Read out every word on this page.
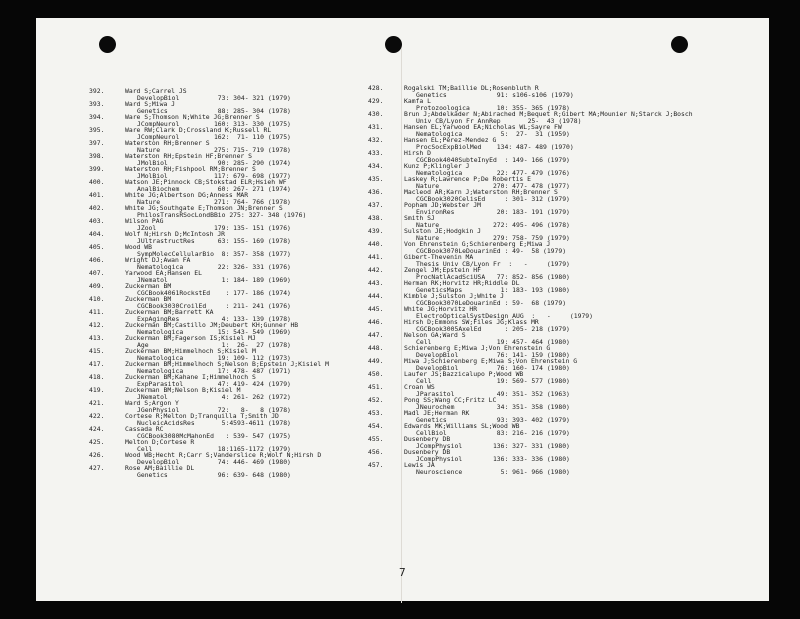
392.	Ward S;Carrel JS
DevelopBiol          73: 304- 321 (1979)
393.	Ward S;Miwa J
Genetics             88: 285- 304 (1978)
394.	Ware S;Thomson N;White JG;Brenner S
JCompNeurol         160: 313- 330 (1975)
395.	Ware RW;Clark D;Crossland K;Russell RL
JCompNeurol         162:  71- 110 (1975)
397.	Waterston RH;Brenner S
Nature              275: 715- 719 (1978)
398.	Waterston RH;Epstein HF;Brenner S
JMolBiol             90: 285- 290 (1974)
399.	Waterston RH;Fishpool RM;Brenner S
JMolBiol            117: 679- 698 (1977)
400.	Watson JE;Pinnock CB;Stokstad ELR;Hsieh WF
AnalBiochem          60: 267- 271 (1974)
401.	White JG;Albertson DG;Anness MAR
Nature              271: 764- 766 (1978)
402.	White JG;Southgate E;Thomson JN;Brenner S
PhilosTransRSocLondBBio 275: 327- 348 (1976)
403.	Wilson PAG
JZool               179: 135- 151 (1976)
404.	Wolf N;Hirsh D;McIntosh JR
JUltrastructRes      63: 155- 169 (1978)
405.	Wood WB
SympMolecCellularBio  8: 357- 358 (1977)
406.	Wright DJ;Awan FA
Nematologica         22: 326- 331 (1976)
407.	Yarwood EA;Hansen EL
JNematol              1: 184- 189 (1969)
409.	Zuckerman BM
CGCBook4061RockstEd    : 177- 186 (1974)
410.	Zuckerman BM
CGCBook3030CroilEd     : 211- 241 (1976)
411.	Zuckerman BM;Barrett KA
ExpAgingRes           4: 133- 139 (1978)
412.	Zuckerman BM;Castillo JM;Deubert KH;Gunner HB
Nematologica         15: 543- 549 (1969)
413.	Zuckerman BM;Fagerson IS;Kisiel MJ
Age                   1:  26-  27 (1978)
415.	Zuckerman BM;Himmelhoch S;Kisiel M
Nematologica         19: 109- 112 (1973)
417.	Zuckerman BM;Himmelhoch S;Nelson B;Epstein J;Kisiel M
Nematologica         17: 478- 487 (1971)
418.	Zuckerman BM;Kahane I;Himmelhoch S
ExpParasitol         47: 419- 424 (1979)
419.	Zuckerman BM;Nelson B;Kisiel M
JNematol              4: 261- 262 (1972)
421.	Ward S;Argon Y
JGenPhysiol          72:   8-   8 (1978)
422.	Cortese R;Melton D;Tranquilla T;Smith JD
NucleicAcidsRes       5:4593-4611 (1978)
424.	Cassada RC
CGCBook3080McMahonEd   : 539- 547 (1975)
425.	Melton D;Cortese R
Cell                 18:1165-1172 (1979)
426.	Wood WB;Hecht R;Carr S;Vanderslice R;Wolf N;Hirsh D
DevelopBiol          74: 446- 469 (1980)
427.	Rose AM;Baillie DL
Genetics             96: 639- 648 (1980)
428.	Rogalski TM;Baillie DL;Rosenbluth R
Genetics             91: s106-s106 (1979)
429.	Kamfa L
Protozoologica       10: 355- 365 (1978)
430.	Brun J;Abdelkader N;Abirached M;Bequet R;Gibert MA;Mounier N;Starck J;Bosch
Univ CB/Lyon Fr AnnRep       25-  43 (1978)
431.	Hansen EL;Yarwood EA;Nicholas WL;Sayre FW
Nematologica          5:  27-  31 (1959)
432.	Hansen EL;Perez-Mendez G
ProcSocExpBiolMed    134: 487- 489 (1970)
433.	Hirsh D
CGCBook4040SubteInyEd  : 149- 166 (1979)
434.	Kunz P;Klingler J
Nematologica         22: 477- 479 (1976)
435.	Laskey R;Lawrence P;De Robertis E
Nature              270: 477- 478 (1977)
436.	Macleod AR;Karn J;Waterston RH;Brenner S
CGCBook3020CelisEd     : 301- 312 (1979)
437.	Popham JD;Webster JM
EnvironRes           20: 183- 191 (1979)
438.	Smith SJ
Nature              272: 495- 496 (1978)
439.	Sulston JE;Hodgkin J
Nature              279: 758- 759 (1979)
440.	Von Ehrenstein G;Schierenberg E;Miwa J
CGCBook3070LeDouarinEd : 49-  58 (1979)
441.	Gibert-Thevenin MA
Thesis Univ CB/Lyon Fr  :   -     (1979)
442.	Zengel JM;Epstein HF
ProcNatlAcadSciUSA   77: 852- 856 (1980)
443.	Herman RK;Horvitz HR;Riddle DL
GeneticsMaps          1: 183- 193 (1980)
444.	Kimble J;Sulston J;White J
CGCBook3070LeDouarinEd : 59-  68 (1979)
445.	White JG;Horvitz HR
ElectroOpticalSystDesign AUG  :   -     (1979)
446.	Hirsh D;Emmons SW;Files JG;Klass MR
CGCBook3005AxelEd      : 205- 218 (1979)
447.	Nelson GA;Ward S
Cell                 19: 457- 464 (1980)
448.	Schierenberg E;Miwa J;Von Ehrenstein G
DevelopBiol          76: 141- 159 (1980)
449.	Miwa J;Schierenberg E;Miwa S;Von Ehrenstein G
DevelopBiol          76: 160- 174 (1980)
450.	Laufer JS;Bazzicalupo P;Wood WB
Cell                 19: 569- 577 (1980)
451.	Croan WS
JParasitol           49: 351- 352 (1963)
452.	Pong SS;Wang CC;Fritz LC
JNeurochem           34: 351- 358 (1980)
453.	Madl JE;Herman RK
Genetics             93: 393- 402 (1979)
454.	Edwards MK;Williams SL;Wood WB
CellBiol             83: 216- 216 (1979)
455.	Dusenbery DB
JCompPhysiol        136: 327- 331 (1980)
456.	Dusenbery DB
JCompPhysiol        136: 333- 336 (1980)
457.	Lewis JA
Neuroscience          5: 961- 966 (1980)
7
